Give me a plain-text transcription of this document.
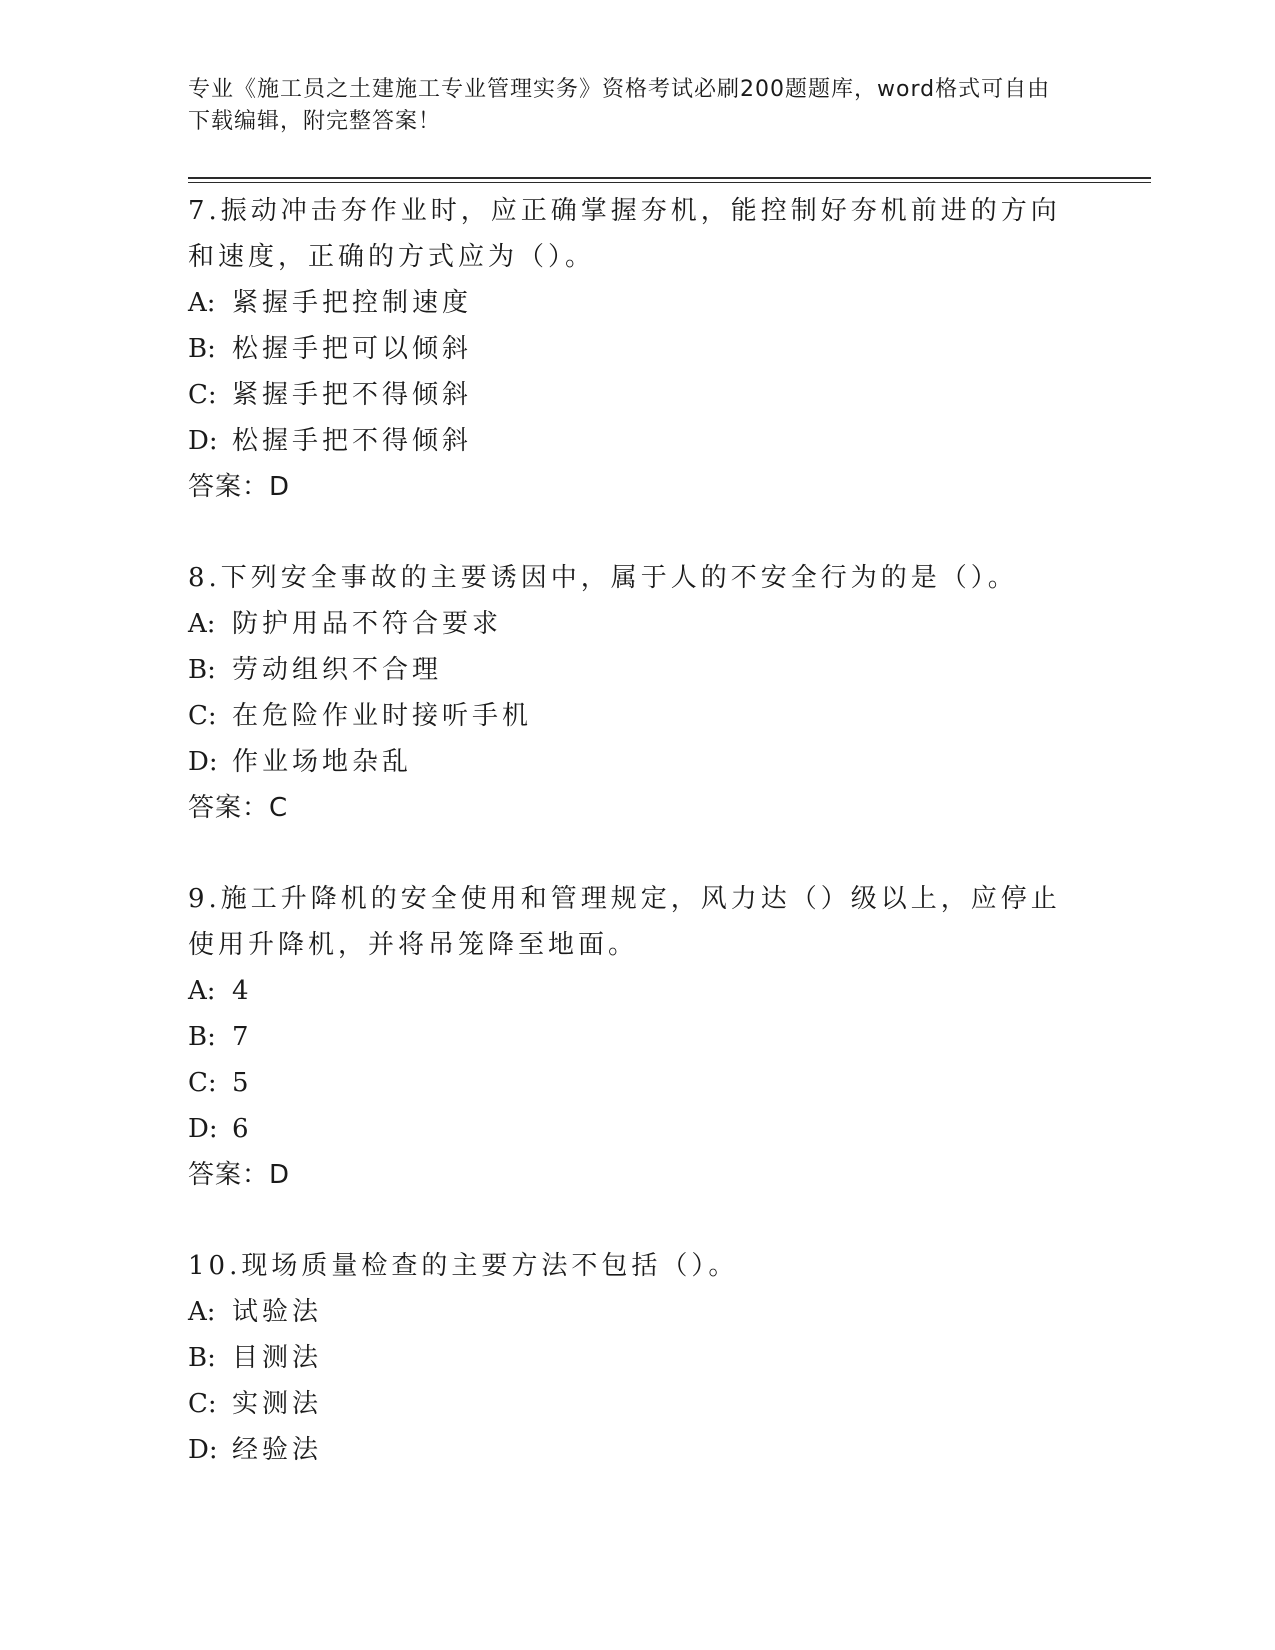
专业《施工员之土建施工专业管理实务》资格考试必刷200题题库，word格式可自由下载编辑，附完整答案！

7.振动冲击夯作业时，应正确掌握夯机，能控制好夯机前进的方向和速度，正确的方式应为（）。

A: 紧握手把控制速度

B: 松握手把可以倾斜

C: 紧握手把不得倾斜

D: 松握手把不得倾斜

答案：D

8.下列安全事故的主要诱因中，属于人的不安全行为的是（）。

A: 防护用品不符合要求

B: 劳动组织不合理

C: 在危险作业时接听手机

D: 作业场地杂乱

答案：C

9.施工升降机的安全使用和管理规定，风力达（）级以上，应停止使用升降机，并将吊笼降至地面。

A: 4

B: 7

C: 5

D: 6

答案：D

10.现场质量检查的主要方法不包括（）。

A: 试验法

B: 目测法

C: 实测法

D: 经验法
